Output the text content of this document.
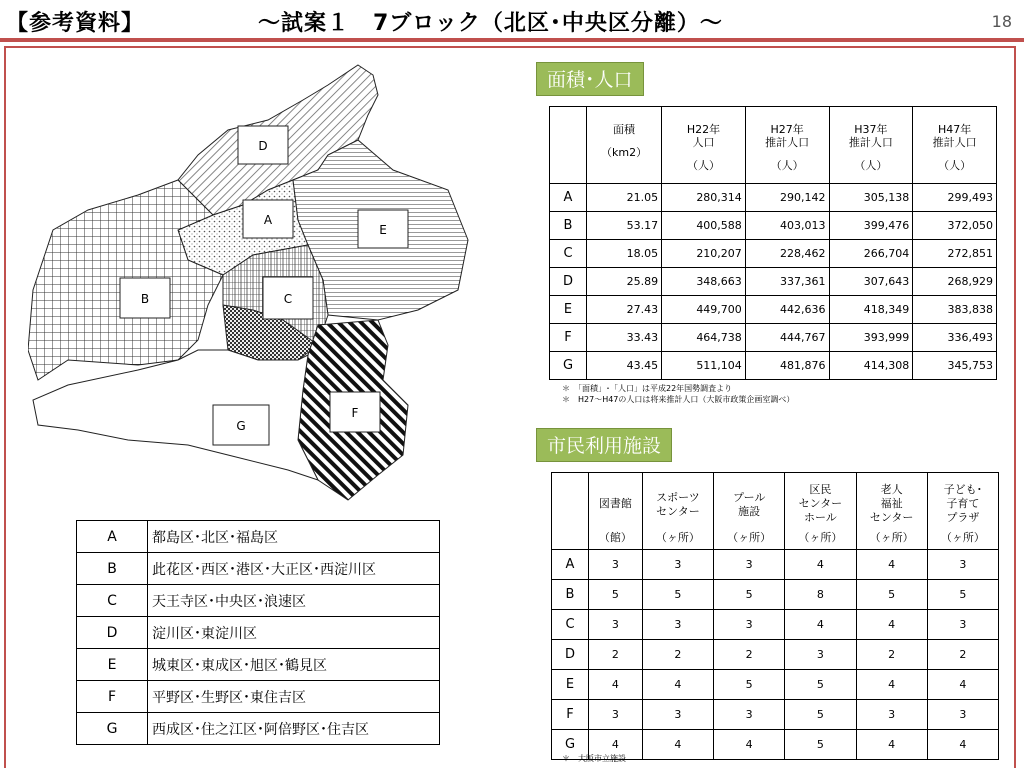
【参考資料】	～試案１　7ブロック（北区･中央区分離）～	18
D
A
E
C
B
F
G
面積･人口

	面積
（km2）	H22年
人口
（人）	H27年
推計人口
（人）	H37年
推計人口
（人）	H47年
推計人口
（人）

A	21.05	280,314	290,142	305,138	299,493
B	53.17	400,588	403,013	399,476	372,050
C	18.05	210,207	228,462	266,704	272,851
D	25.89	348,663	337,361	307,643	268,929
E	27.43	449,700	442,636	418,349	383,838
F	33.43	464,738	444,767	393,999	336,493
G	43.45	511,104	481,876	414,308	345,753
＊　「面積」･「人口」は平成22年国勢調査より
＊　H27～H47の人口は将来推計人口（大阪市政策企画室調べ）
市民利用施設

	図書館
（館）	スポーツ
センター
（ヶ所）	プール
施設
（ヶ所）	区民
センター
ホール
（ヶ所）	老人
福祉
センター
（ヶ所）	子ども･
子育て
プラザ
（ヶ所）

A	3	3	3	4	4	3
B	5	5	5	8	5	5
C	3	3	3	4	4	3
D	2	2	2	3	2	2
E	4	4	5	5	4	4
F	3	3	3	5	3	3
G	4	4	4	5	4	4
＊　大阪市立施設
A	都島区･北区･福島区
B	此花区･西区･港区･大正区･西淀川区
C	天王寺区･中央区･浪速区
D	淀川区･東淀川区
E	城東区･東成区･旭区･鶴見区
F	平野区･生野区･東住吉区
G	西成区･住之江区･阿倍野区･住吉区
